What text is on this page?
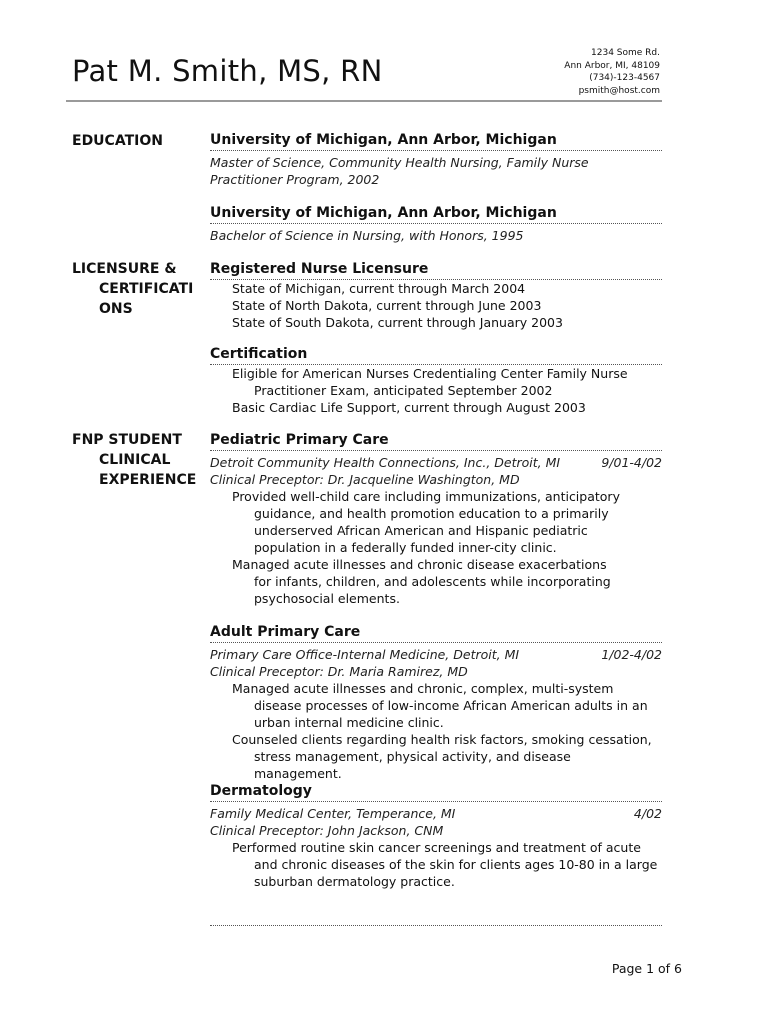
Pat M. Smith, MS, RN
1234 Some Rd.
Ann Arbor, MI, 48109
(734)-123-4567
psmith@host.com
EDUCATION	University of Michigan, Ann Arbor, Michigan
Master of Science, Community Health Nursing, Family Nurse
Practitioner Program, 2002
University of Michigan, Ann Arbor, Michigan
Bachelor of Science in Nursing, with Honors, 1995
LICENSURE &
CERTIFICATI
ONS
Registered Nurse Licensure
State of Michigan, current through March 2004
State of North Dakota, current through June 2003
State of South Dakota, current through January 2003
Certification
Eligible for American Nurses Credentialing Center Family Nurse Practitioner Exam, anticipated September 2002
Basic Cardiac Life Support, current through August 2003
FNP STUDENT
CLINICAL
EXPERIENCE
Pediatric Primary Care
Detroit Community Health Connections, Inc., Detroit, MI	9/01-4/02
Clinical Preceptor: Dr. Jacqueline Washington, MD
Provided well-child care including immunizations, anticipatory guidance, and health promotion education to a primarily underserved African American and Hispanic pediatric population in a federally funded inner-city clinic.
Managed acute illnesses and chronic disease exacerbations for infants, children, and adolescents while incorporating psychosocial elements.
Adult Primary Care
Primary Care Office-Internal Medicine, Detroit, MI	1/02-4/02
Clinical Preceptor: Dr. Maria Ramirez, MD
Managed acute illnesses and chronic, complex, multi-system disease processes of low-income African American adults in an urban internal medicine clinic.
Counseled clients regarding health risk factors, smoking cessation, stress management, physical activity, and disease management.
Dermatology
Family Medical Center, Temperance, MI	4/02
Clinical Preceptor: John Jackson, CNM
Performed routine skin cancer screenings and treatment of acute and chronic diseases of the skin for clients ages 10-80 in a large suburban dermatology practice.
Page 1 of 6
